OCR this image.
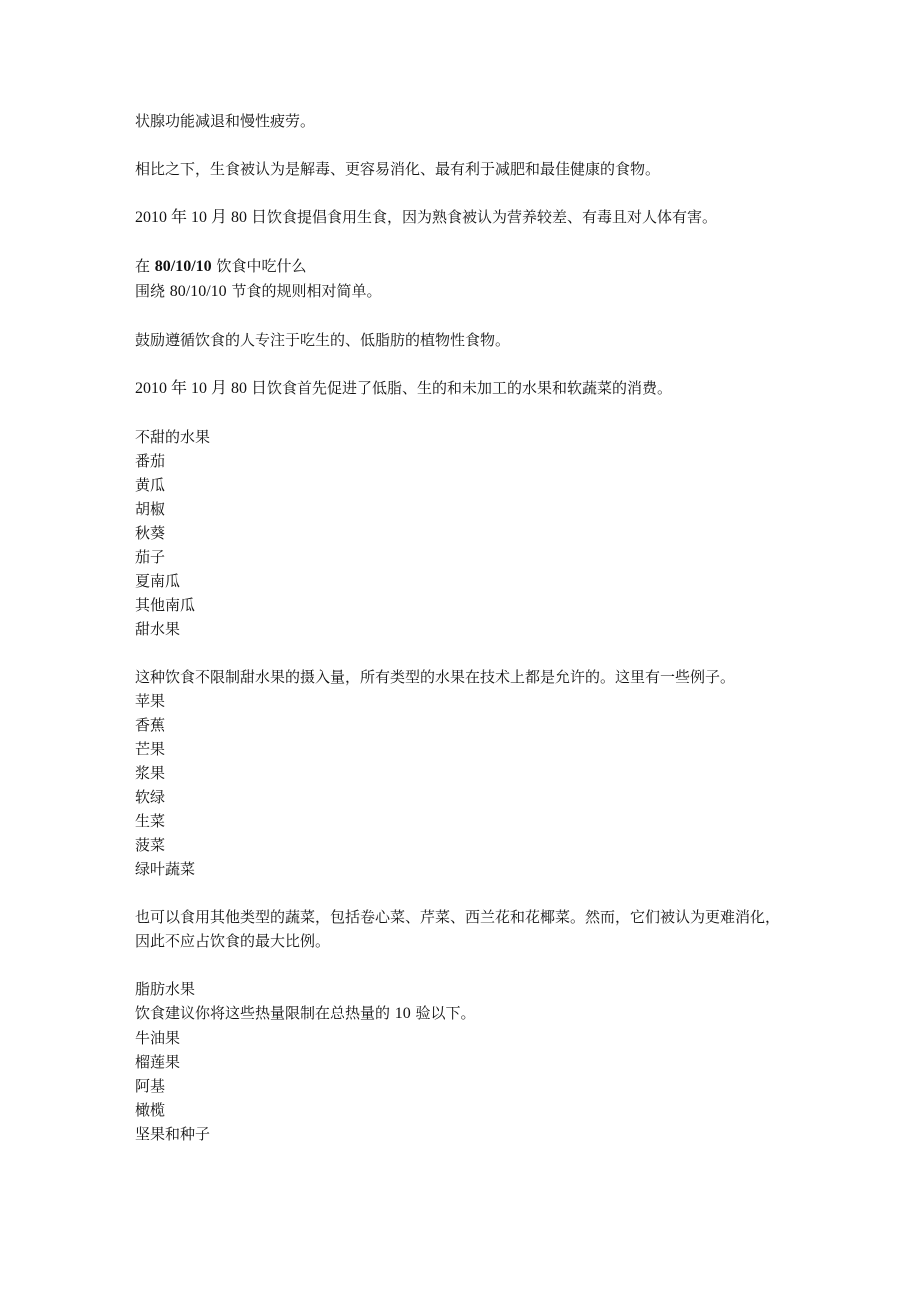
状腺功能减退和慢性疲劳。

相比之下，生食被认为是解毒、更容易消化、最有利于减肥和最佳健康的食物。

2010 年 10 月 80 日饮食提倡食用生食，因为熟食被认为营养较差、有毒且对人体有害。

在 80/10/10 饮食中吃什么

围绕 80/10/10 节食的规则相对简单。

鼓励遵循饮食的人专注于吃生的、低脂肪的植物性食物。

2010 年 10 月 80 日饮食首先促进了低脂、生的和未加工的水果和软蔬菜的消费。

不甜的水果
番茄
黄瓜
胡椒
秋葵
茄子
夏南瓜
其他南瓜
甜水果
这种饮食不限制甜水果的摄入量，所有类型的水果在技术上都是允许的。这里有一些例子。
苹果
香蕉
芒果
浆果
软绿
生菜
菠菜
绿叶蔬菜

也可以食用其他类型的蔬菜，包括卷心菜、芹菜、西兰花和花椰菜。然而，它们被认为更难消化，因此不应占饮食的最大比例。

脂肪水果
饮食建议你将这些热量限制在总热量的 10 验以下。
牛油果
榴莲果
阿基
橄榄
坚果和种子
